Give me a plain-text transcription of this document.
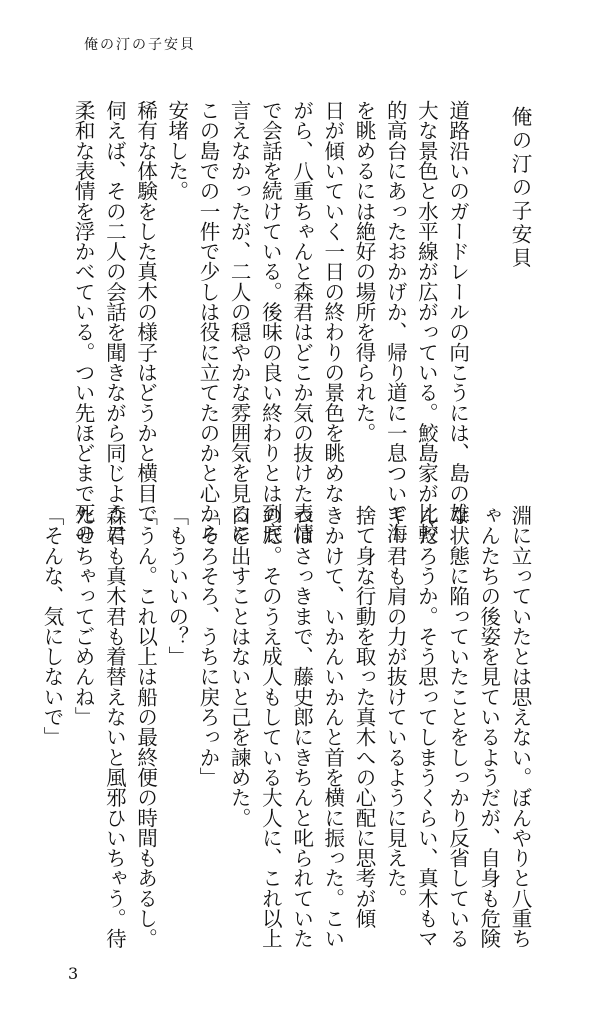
俺の汀の子安貝

俺の汀の子安貝

道路沿いのガードレールの向こうには、島の雄

大な景色と水平線が広がっている。鮫島家が比較

的高台にあったおかげか、帰り道に一息ついて海

を眺めるには絶好の場所を得られた。

日が傾いていく一日の終わりの景色を眺めな

がら、八重ちゃんと森君はどこか気の抜けた表情

で会話を続けている。後味の良い終わりとは到底

言えなかったが、二人の穏やかな雰囲気を見るに

この島での一件で少しは役に立てたのかと心から

安堵した。

稀有な体験をした真木の様子はどうかと横目で

伺えば、その二人の会話を聞きながら同じように

柔和な表情を浮かべている。つい先ほどまで死の

淵に立っていたとは思えない。ぼんやりと八重ち

ゃんたちの後姿を見ているようだが、自身も危険

な状態に陥っていたことをしっかり反省している

んだろうか。そう思ってしまうくらい、真木もマ

ギー君も肩の力が抜けているように見えた。

捨て身な行動を取った真木への心配に思考が傾

きかけて、いかんいかんと首を横に振った。こい

つはさっきまで、藤史郎にきちんと叱られていた

のだ。そのうえ成人もしている大人に、これ以上

口を出すことはないと己を諫めた。

「そろそろ、うちに戻ろっか」

「もういいの？」

「うん。これ以上は船の最終便の時間もあるし。

森君も真木君も着替えないと風邪ひいちゃう。待

たせちゃってごめんね」

「そんな、気にしないで」

3
